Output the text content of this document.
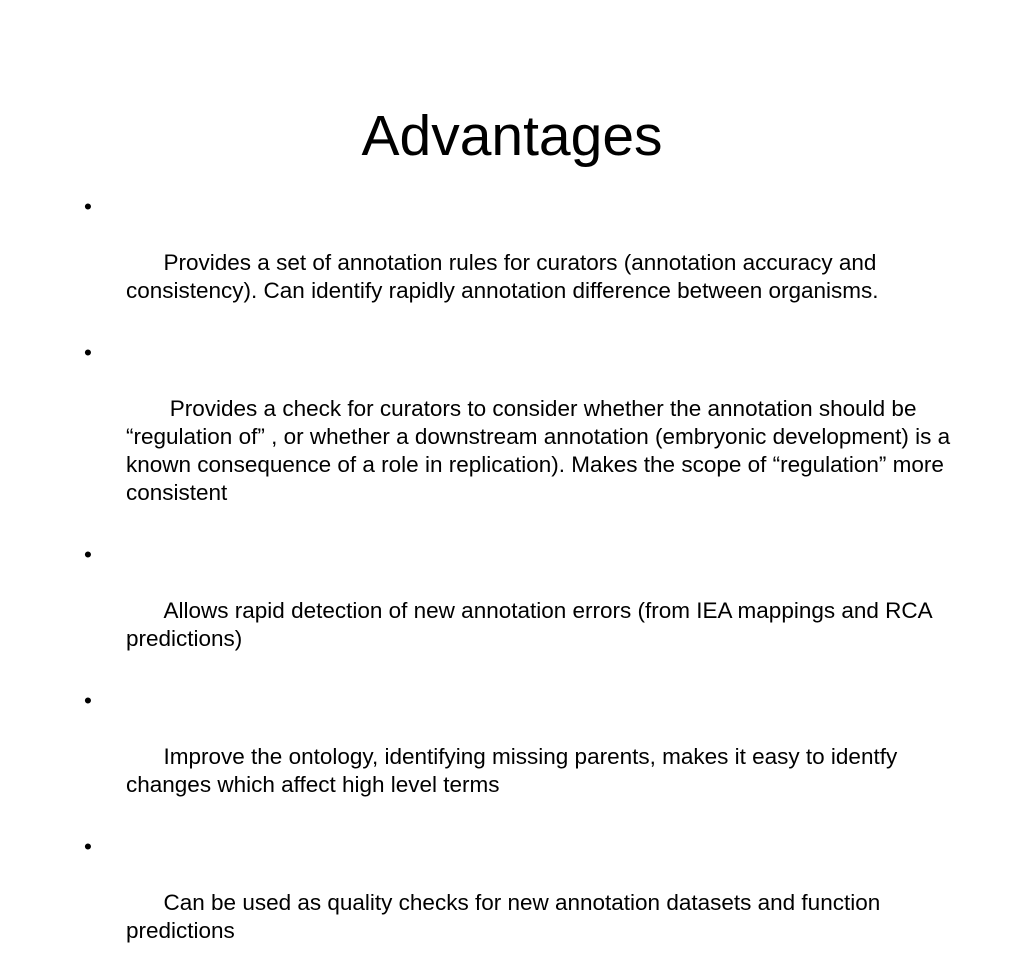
Advantages

•

Provides a set of annotation rules for curators (annotation accuracy and consistency). Can identify rapidly annotation difference between organisms.

•

Provides a check for curators to consider whether the annotation should be “regulation of” , or whether a downstream annotation (embryonic development) is a known consequence of a role in replication). Makes the scope of “regulation” more consistent

•

Allows rapid detection of new annotation errors (from IEA mappings and RCA predictions)

•

Improve the ontology, identifying missing parents, makes it easy to identfy changes which affect high level terms

•

Can be used as quality checks for new annotation datasets and function predictions
